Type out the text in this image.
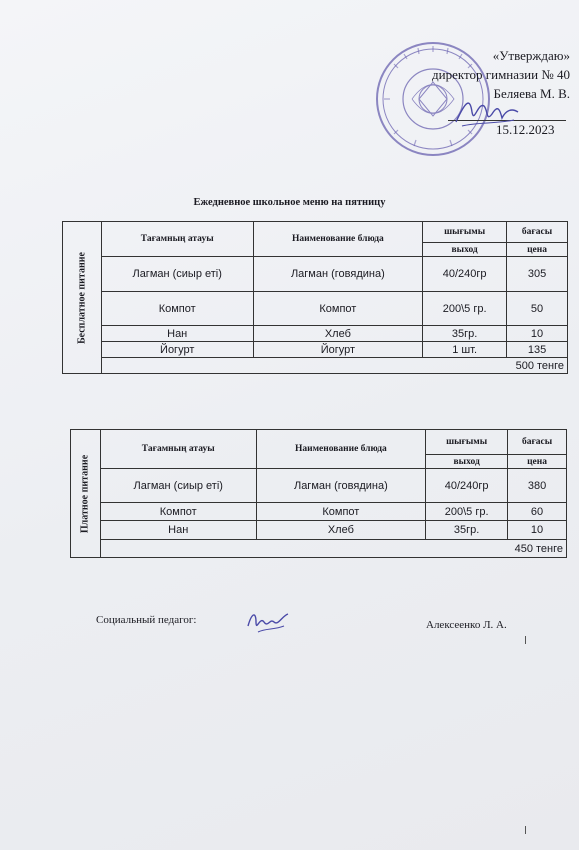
«Утверждаю»
директор гимназии № 40
Беляева М. В.
15.12.2023
Ежедневное школьное меню на пятницу
Бесплатное питание	Тағамның атауы	Наименование блюда	шығымы	бағасы
			выход	цена
	Лагман (сиыр еті)	Лагман (говядина)	40/240гр	305
	Компот	Компот	200\5 гр.	50
	Нан	Хлеб	35гр.	10
	Йогурт	Йогурт	1 шт.	135
	500 тенге			
Платное питание	Тағамның атауы	Наименование блюда	шығымы	бағасы
			выход	цена
	Лагман (сиыр еті)	Лагман (говядина)	40/240гр	380
	Компот	Компот	200\5 гр.	60
	Нан	Хлеб	35гр.	10
	450 тенге			
Социальный педагог:	Алексеенко Л. А.
